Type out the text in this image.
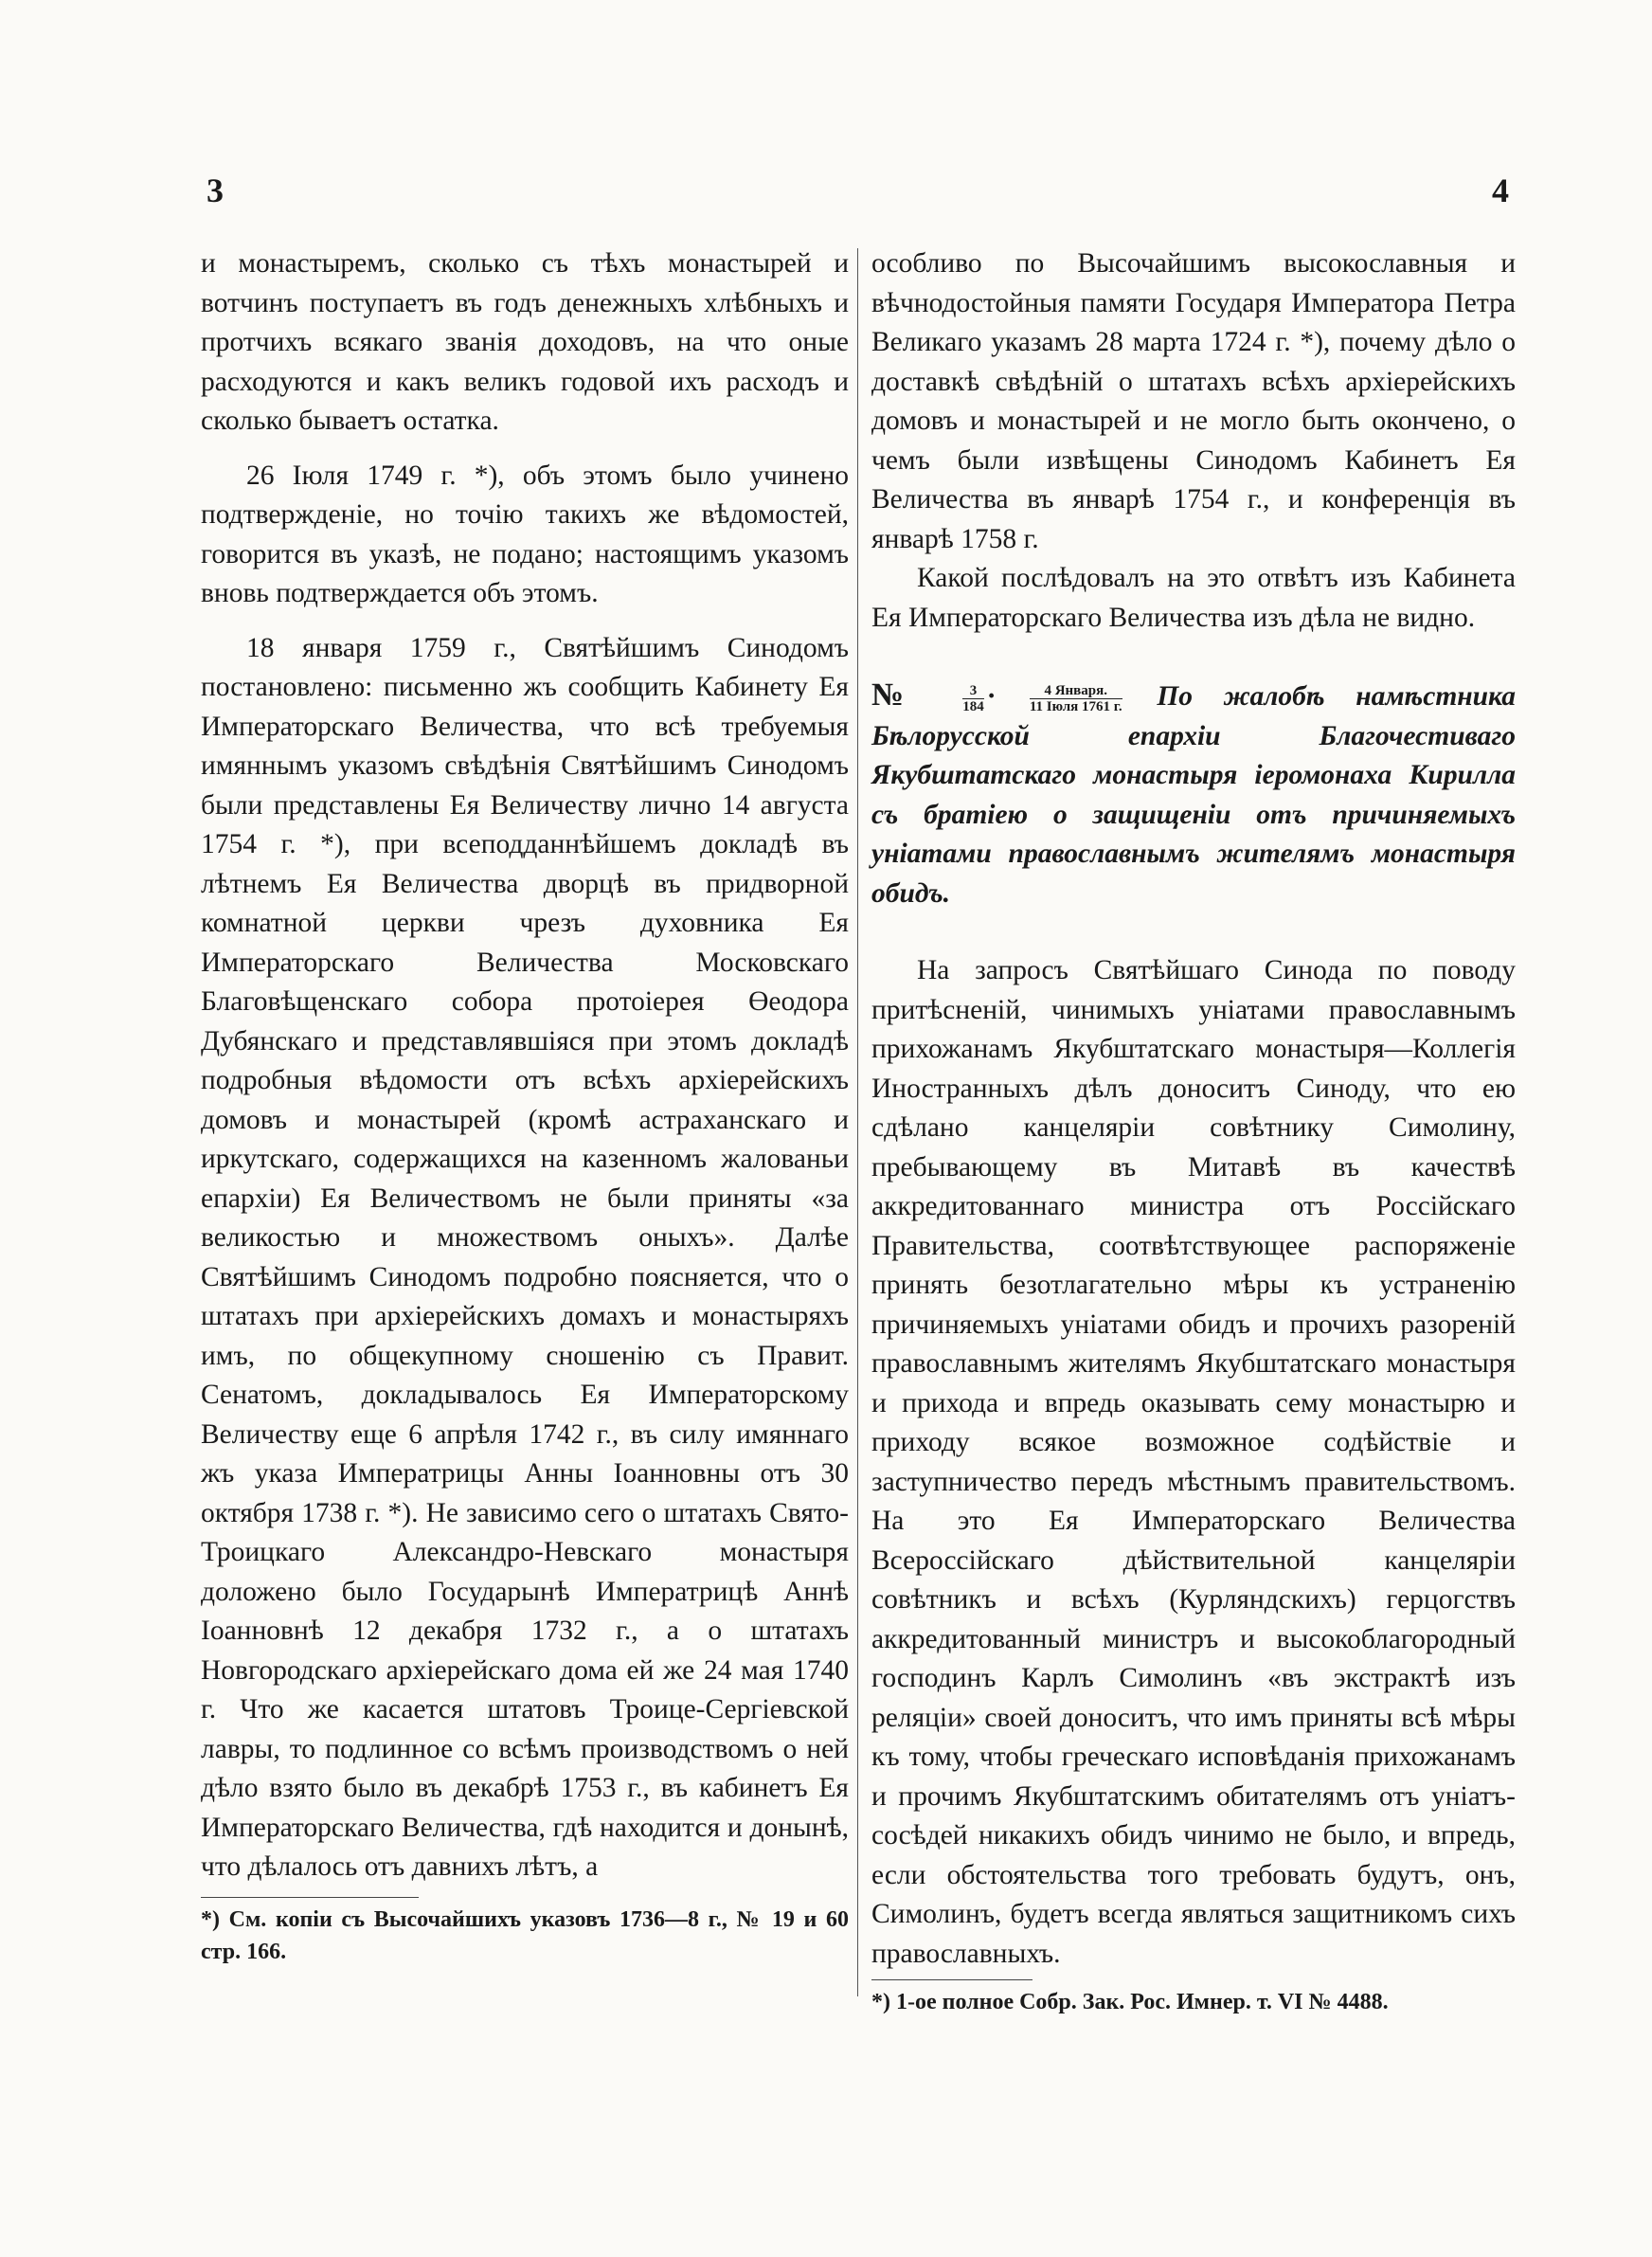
3	4

и монастыремъ, сколько съ тѣхъ монастырей и вотчинъ поступаетъ въ годъ денежныхъ хлѣбныхъ и протчихъ всякаго званія доходовъ, на что оные расходуются и какъ великъ годовой ихъ расходъ и сколько бываетъ остатка.

26 Іюля 1749 г. *), объ этомъ было учинено подтвержденіе, но точію такихъ же вѣдомостей, говорится въ указѣ, не подано; настоящимъ указомъ вновь подтверждается объ этомъ.

18 января 1759 г., Святѣйшимъ Синодомъ постановлено: письменно жъ сообщить Кабинету Ея Императорскаго Величества, что всѣ требуемыя имяннымъ указомъ свѣдѣнія Святѣйшимъ Синодомъ были представлены Ея Величеству лично 14 августа 1754 г. *), при всеподданнѣйшемъ докладѣ въ лѣтнемъ Ея Величества дворцѣ въ придворной комнатной церкви чрезъ духовника Ея Императорскаго Величества Московскаго Благовѣщенскаго собора протоіерея Өеодора Дубянскаго и представлявшіяся при этомъ докладѣ подробныя вѣдомости отъ всѣхъ архіерейскихъ домовъ и монастырей (кромѣ астраханскаго и иркутскаго, содержащихся на казенномъ жалованьи епархіи) Ея Величествомъ не были приняты «за великостью и множествомъ оныхъ». Далѣе Святѣйшимъ Синодомъ подробно поясняется, что о штатахъ при архіерейскихъ домахъ и монастыряхъ имъ, по общекупному сношенію съ Правит. Сенатомъ, докладывалось Ея Императорскому Величеству еще 6 апрѣля 1742 г., въ силу имяннаго жъ указа Императрицы Анны Іоанновны отъ 30 октября 1738 г. *). Не зависимо сего о штатахъ Свято-Троицкаго Александро-Невскаго монастыря доложено было Государынѣ Императрицѣ Аннѣ Іоанновнѣ 12 декабря 1732 г., а о штатахъ Новгородскаго архіерейскаго дома ей же 24 мая 1740 г. Что же касается штатовъ Троице-Сергіевской лавры, то подлинное со всѣмъ производствомъ о ней дѣло взято было въ декабрѣ 1753 г., въ кабинетъ Ея Императорскаго Величества, гдѣ находится и донынѣ, что дѣлалось отъ давнихъ лѣтъ, а

*) См. копіи съ Высочайшихъ указовъ 1736—8 г., № 19 и 60 стр. 166.

особливо по Высочайшимъ высокославныя и вѣчнодостойныя памяти Государя Императора Петра Великаго указамъ 28 марта 1724 г. *), почему дѣло о доставкѣ свѣдѣній о штатахъ всѣхъ архіерейскихъ домовъ и монастырей и не могло быть окончено, о чемъ были извѣщены Синодомъ Кабинетъ Ея Величества въ январѣ 1754 г., и конференція въ январѣ 1758 г.

Какой послѣдовалъ на это отвѣтъ изъ Кабинета Ея Императорскаго Величества изъ дѣла не видно.

№ $\frac{3}{184} \cdot \frac{\text{4 Января.}}{\text{11 Іюля 1761 г.}}$ По жалобѣ намѣстника Бѣлорусской епархіи Благочестиваго Якубштатскаго монастыря іеромонаха Кирилла съ братіею о защищеніи отъ причиняемыхъ уніатами православнымъ жителямъ монастыря обидъ.

На запросъ Святѣйшаго Синода по поводу притѣсненій, чинимыхъ уніатами православнымъ прихожанамъ Якубштатскаго монастыря—Коллегія Иностранныхъ дѣлъ доноситъ Синоду, что ею сдѣлано канцеляріи совѣтнику Симолину, пребывающему въ Митавѣ въ качествѣ аккредитованнаго министра отъ Россійскаго Правительства, соотвѣтствующее распоряженіе принять безотлагательно мѣры къ устраненію причиняемыхъ уніатами обидъ и прочихъ разореній православнымъ жителямъ Якубштатскаго монастыря и прихода и впредь оказывать сему монастырю и приходу всякое возможное содѣйствіе и заступничество передъ мѣстнымъ правительствомъ. На это Ея Императорскаго Величества Всероссійскаго дѣйствительной канцеляріи совѣтникъ и всѣхъ (Курляндскихъ) герцогствъ аккредитованный министръ и высокоблагородный господинъ Карлъ Симолинъ «въ экстрактѣ изъ реляціи» своей доноситъ, что имъ приняты всѣ мѣры къ тому, чтобы греческаго исповѣданія прихожанамъ и прочимъ Якубштатскимъ обитателямъ отъ уніатъ-сосѣдей никакихъ обидъ чинимо не было, и впредь, если обстоятельства того требовать будутъ, онъ, Симолинъ, будетъ всегда являться защитникомъ сихъ православныхъ.

*) 1-ое полное Собр. Зак. Рос. Имнер. т. VI № 4488.
